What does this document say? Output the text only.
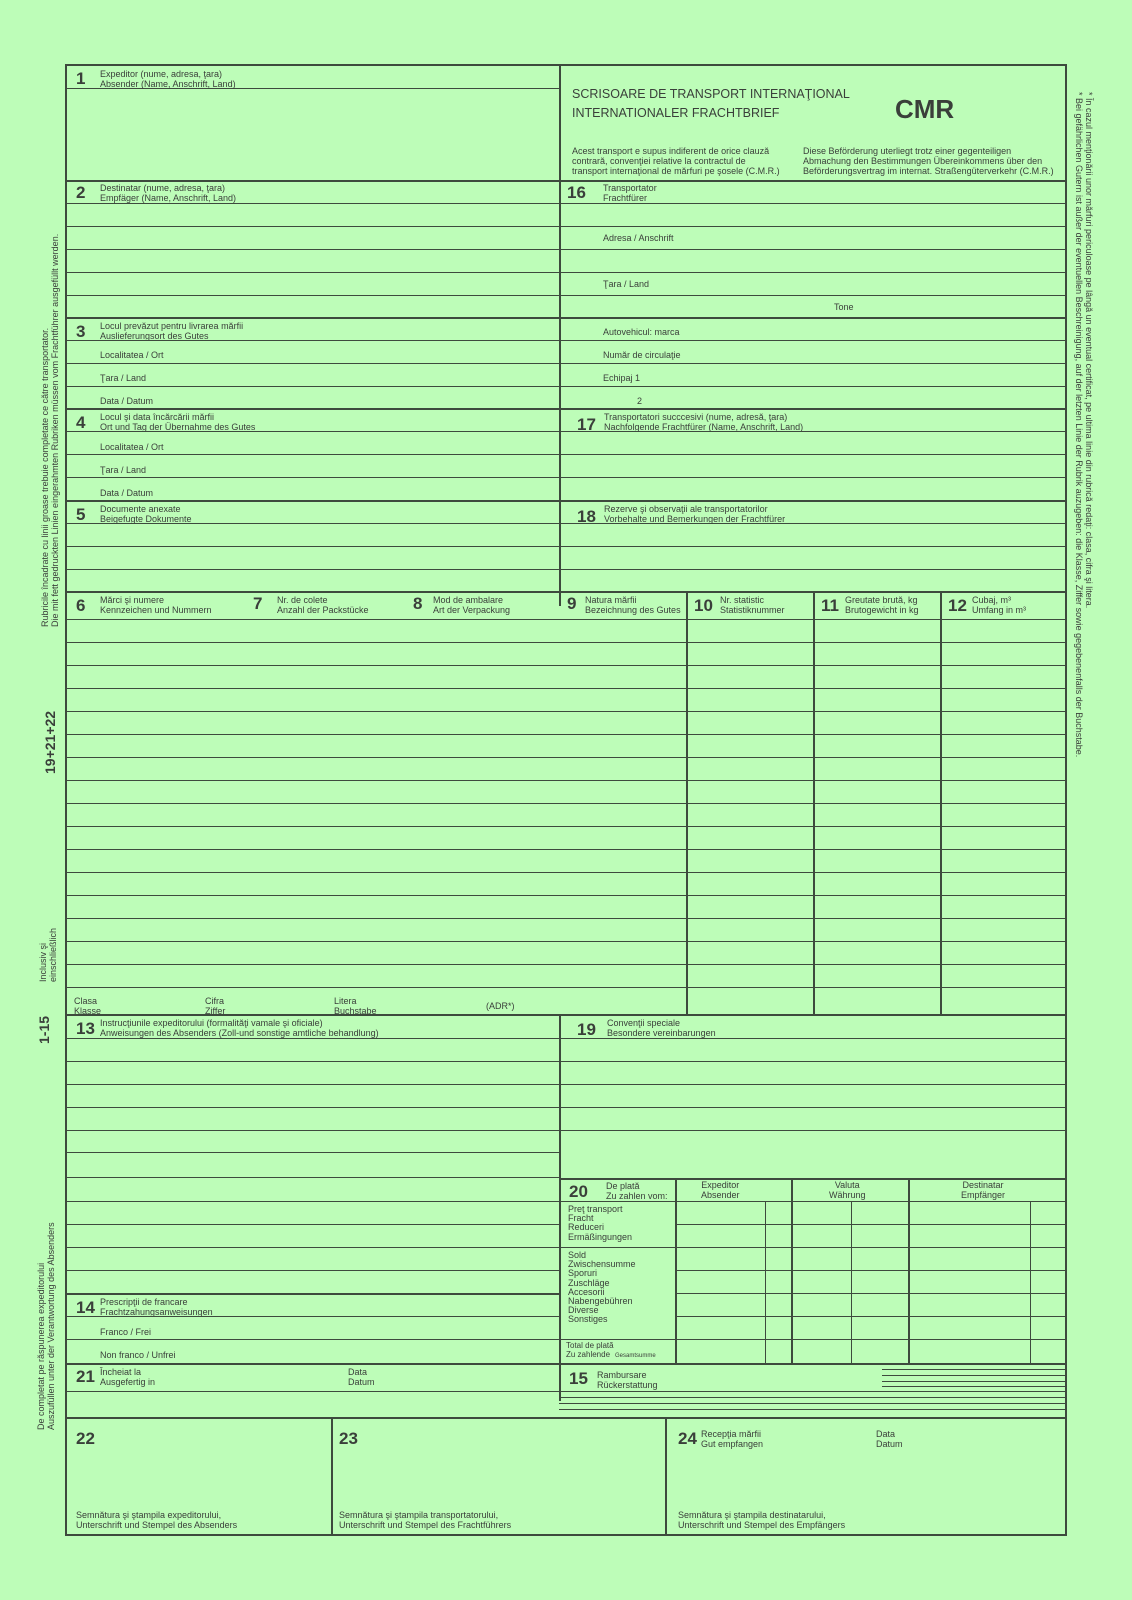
Rubricile încadrate cu linii groase trebuie completate ce către transportator.
Die mit fett gedruckten Linien eingerahmten Rubriken müssen vom Frachtführer ausgefüllt werden.
19+21+22
Inclusiv şi
einschließlich
1-15
De completat pe răspunerea expeditorului
Auszufüllen unter der Verantwortung des Absenders
* În cazul menţionării unor mărfuri periculoase pe lângă un eventual certificat, pe ultima linie din rubrică redaţi: clasa, cifra şi litera.
* Bei gefährlichen Gutern ist außer der eventuellen Beschreinigung, auf der letzten Linie der Rubrik auzugeben: die Klasse, Ziffer sowie gegebenenfalls der Buchstabe.
1 Expeditor (nume, adresa, ţara)
Absender (Name, Anschrift, Land)
SCRISOARE DE TRANSPORT INTERNAŢIONAL
INTERNATIONALER FRACHTBRIEF	CMR
Acest transport e supus indiferent de orice clauză
contrară, convenţiei relative la contractul de
transport internaţional de mărfuri pe şosele (C.M.R.)
Diese Beförderung uterliegt trotz einer gegenteiligen
Abmachung den Bestimmungen Übereinkommens über den
Beförderungsvertrag im internat. Straßengüterverkehr (C.M.R.)
2 Destinatar (nume, adresa, ţara)
Empfäger (Name, Anschrift, Land)	16 Transportator
Frachtfürer
Adresa / Anschrift
Ţara / Land
Tone
3 Locul prevăzut pentru livrarea mărfii
Auslieferungsort des Gutes	Autovehicul: marca
Localitatea / Ort	Număr de circulaţie
Ţara / Land	Echipaj 1
Data / Datum	2
4 Locul şi data încărcării mărfii
Ort und Tag der Übernahme des Gutes	17 Transportatori succcesivi (nume, adresă, ţara)
Nachfolgende Frachtfürer (Name, Anschrift, Land)
Localitatea / Ort
Ţara / Land
Data / Datum
5 Documente anexate
Beigefugte Dokumente	18 Rezerve şi observaţii ale transportatorilor
Vorbehalte und Bemerkungen der Frachtfürer
6 Mărci şi numere
Kennzeichen und Nummern 7 Nr. de colete
Anzahl der Packstücke	8 Mod de ambalare
Art der Verpackung	9 Natura mărfii
Bezeichnung des Gutes 10 Nr. statistic
Statistiknummer 11 Greutate brută, kg
Brutogewicht in kg 12 Cubaj, m³
Umfang in m³
Clasa
Klasse
Cifra
Ziffer
Litera
Buchstabe	(ADR*)
13 Instrucţiunile expeditorului (formalităţi vamale şi oficiale)
Anweisungen des Absenders (Zoll-und sonstige amtliche behandlung)	19 Convenţii speciale
Besondere vereinbarungen
20 De plată
Zu zahlen vom:
Expeditor
Absender
Valuta
Währung
Destinatar
Empfänger
Preţ transport
Fracht
Reduceri
Ermäßingungen
Sold
Zwischensumme
Sporuri
Zuschläge
Accesorii
Nabengebühren
Diverse
Sonstiges
Total de plată
Zu zahlende Gesamtsumme
14 Prescripţii de francare
Frachtzahungsanweisungen
Franco / Frei
Non franco / Unfrei
21 Încheiat la
Ausgefertig in
Data
Datum	15 Rambursare
Rückerstattung
22
Semnătura şi ştampila expeditorului,
Unterschrift und Stempel des Absenders
23
Semnătura şi ştampila transportatorului,
Unterschrift und Stempel des Frachtführers
24 Recepţia mărfii
Gut empfangen
Data
Datum
Semnătura şi ştampila destinatarului,
Unterschrift und Stempel des Empfängers
